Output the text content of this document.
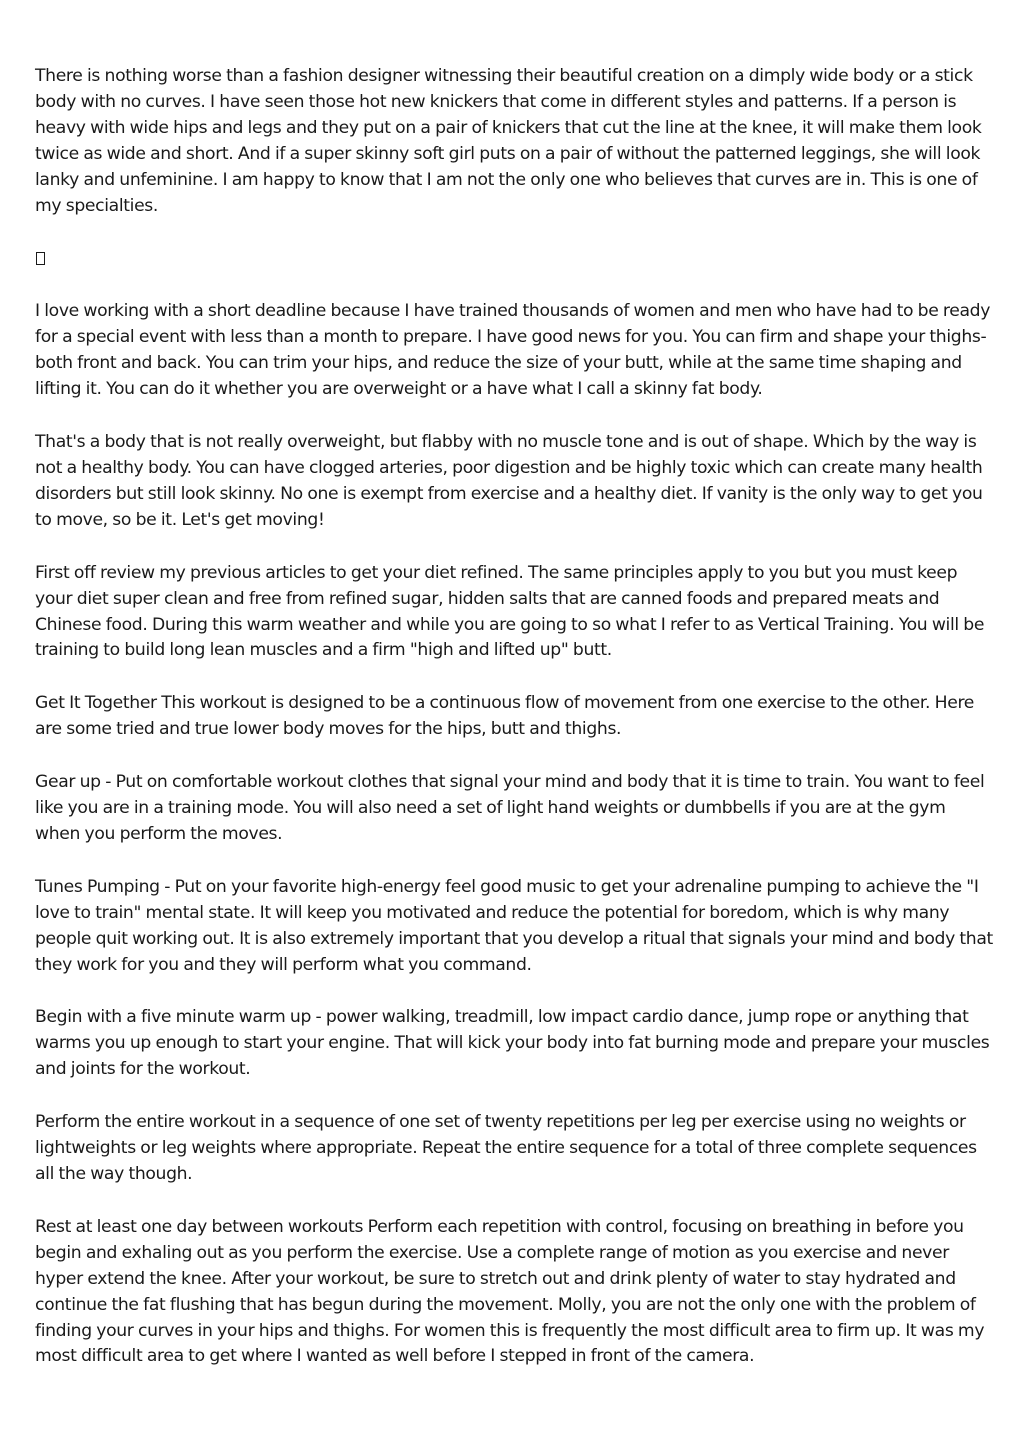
There is nothing worse than a fashion designer witnessing their beautiful creation on a dimply wide body or a stick body with no curves. I have seen those hot new knickers that come in different styles and patterns. If a person is heavy with wide hips and legs and they put on a pair of knickers that cut the line at the knee, it will make them look twice as wide and short. And if a super skinny soft girl puts on a pair of without the patterned leggings, she will look lanky and unfeminine. I am happy to know that I am not the only one who believes that curves are in. This is one of my specialties.

I love working with a short deadline because I have trained thousands of women and men who have had to be ready for a special event with less than a month to prepare. I have good news for you. You can firm and shape your thighs-both front and back. You can trim your hips, and reduce the size of your butt, while at the same time shaping and lifting it. You can do it whether you are overweight or a have what I call a skinny fat body.

That's a body that is not really overweight, but flabby with no muscle tone and is out of shape. Which by the way is not a healthy body. You can have clogged arteries, poor digestion and be highly toxic which can create many health disorders but still look skinny. No one is exempt from exercise and a healthy diet. If vanity is the only way to get you to move, so be it. Let's get moving!

First off review my previous articles to get your diet refined. The same principles apply to you but you must keep your diet super clean and free from refined sugar, hidden salts that are canned foods and prepared meats and Chinese food. During this warm weather and while you are going to so what I refer to as Vertical Training. You will be training to build long lean muscles and a firm "high and lifted up" butt.

Get It Together This workout is designed to be a continuous flow of movement from one exercise to the other. Here are some tried and true lower body moves for the hips, butt and thighs.

Gear up - Put on comfortable workout clothes that signal your mind and body that it is time to train. You want to feel like you are in a training mode. You will also need a set of light hand weights or dumbbells if you are at the gym when you perform the moves.

Tunes Pumping - Put on your favorite high-energy feel good music to get your adrenaline pumping to achieve the "I love to train" mental state. It will keep you motivated and reduce the potential for boredom, which is why many people quit working out. It is also extremely important that you develop a ritual that signals your mind and body that they work for you and they will perform what you command.

Begin with a five minute warm up - power walking, treadmill, low impact cardio dance, jump rope or anything that warms you up enough to start your engine. That will kick your body into fat burning mode and prepare your muscles and joints for the workout.

Perform the entire workout in a sequence of one set of twenty repetitions per leg per exercise using no weights or lightweights or leg weights where appropriate. Repeat the entire sequence for a total of three complete sequences all the way though.

Rest at least one day between workouts Perform each repetition with control, focusing on breathing in before you begin and exhaling out as you perform the exercise. Use a complete range of motion as you exercise and never hyper extend the knee. After your workout, be sure to stretch out and drink plenty of water to stay hydrated and continue the fat flushing that has begun during the movement. Molly, you are not the only one with the problem of finding your curves in your hips and thighs. For women this is frequently the most difficult area to firm up. It was my most difficult area to get where I wanted as well before I stepped in front of the camera.
